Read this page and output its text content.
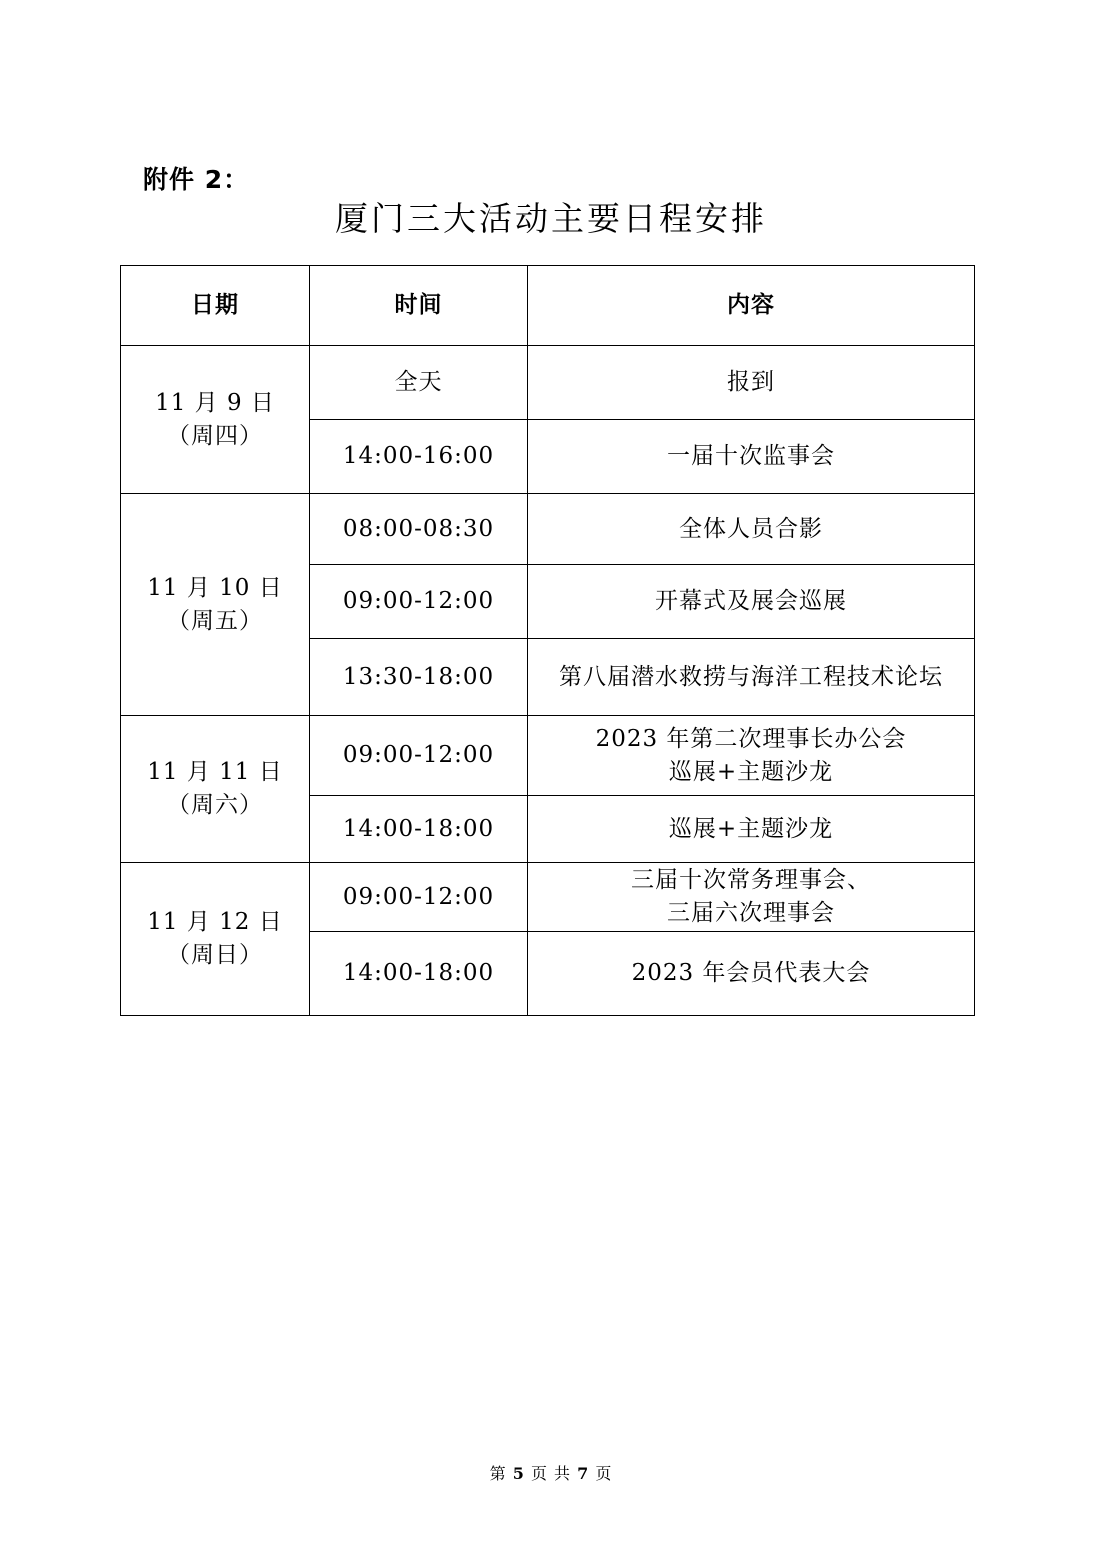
附件 2：
厦门三大活动主要日程安排
日期	时间	内容

11 月 9 日
（周四）	全天	报到

	14:00-16:00	一届十次监事会

11 月 10 日
（周五）	08:00-08:30	全体人员合影

	09:00-12:00	开幕式及展会巡展

	13:30-18:00	第八届潜水救捞与海洋工程技术论坛

11 月 11 日
（周六）	09:00-12:00	2023 年第二次理事长办公会
巡展+主题沙龙

	14:00-18:00	巡展+主题沙龙

11 月 12 日
（周日）	09:00-12:00	三届十次常务理事会、
三届六次理事会

	14:00-18:00	2023 年会员代表大会
第 5 页 共 7 页
